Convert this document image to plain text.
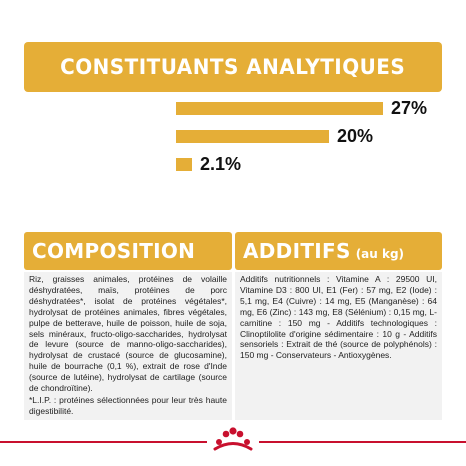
CONSTITUANTS ANALYTIQUES
27%
20%
2.1%
COMPOSITION

Riz, graisses animales, protéines de volaille déshydratées, maïs, protéines de porc déshydratées*, isolat de protéines végétales*, hydrolysat de protéines animales, fibres végétales, pulpe de betterave, huile de poisson, huile de soja, sels minéraux, fructo-oligo-saccharides, hydrolysat de levure (source de manno-oligo-saccharides), hydrolysat de crustacé (source de glucosamine), huile de bourrache (0,1 %), extrait de rose d'Inde (source de lutéine), hydrolysat de cartilage (source de chondroïtine).

*L.I.P. : protéines sélectionnées pour leur très haute digestibilité.

ADDITIFS (au kg)

Additifs nutritionnels : Vitamine A : 29500 UI, Vitamine D3 : 800 UI, E1 (Fer) : 57 mg, E2 (Iode) : 5,1 mg, E4 (Cuivre) : 14 mg, E5 (Manganèse) : 64 mg, E6 (Zinc) : 143 mg, E8 (Sélénium) : 0,15 mg, L-carnitine : 150 mg - Additifs technologiques : Clinoptilolite d'origine sédimentaire : 10 g - Additifs sensoriels : Extrait de thé (source de polyphénols) : 150 mg - Conservateurs - Antioxygènes.
